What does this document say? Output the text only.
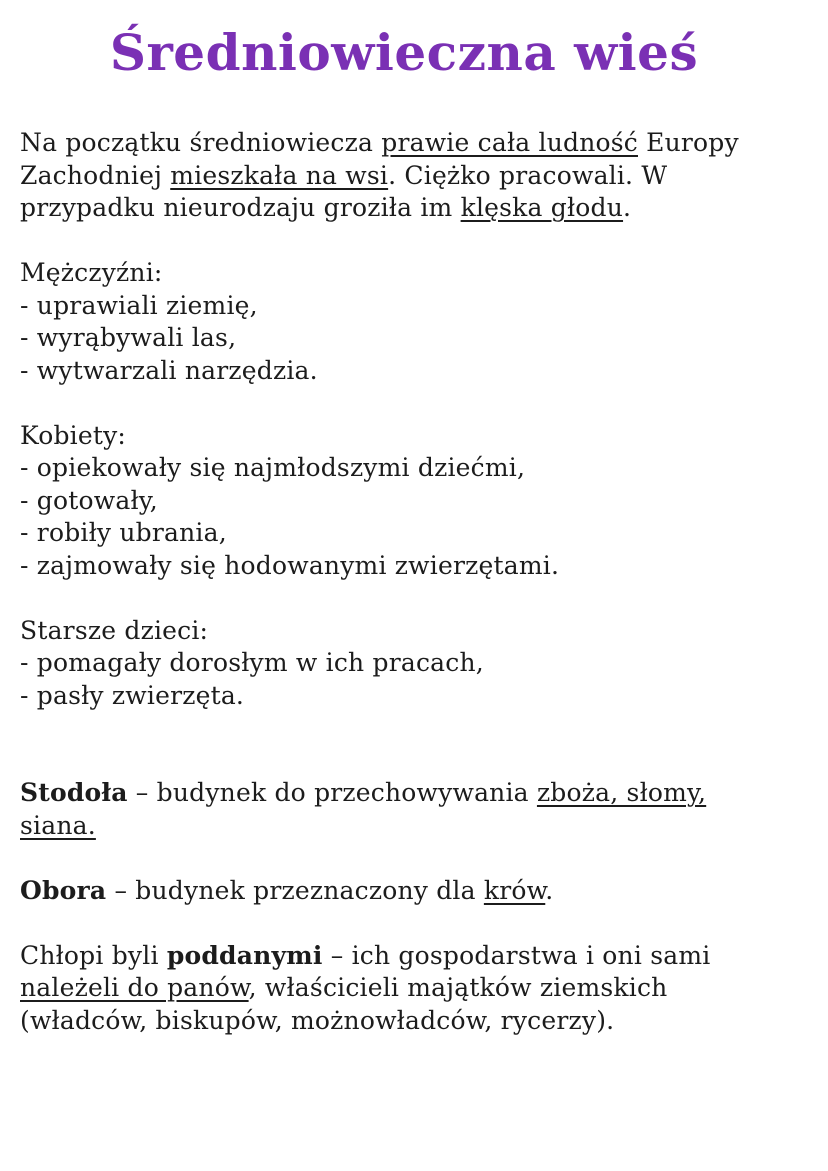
Średniowieczna wieś

Na początku średniowiecza prawie cała ludność Europy Zachodniej mieszkała na wsi. Ciężko pracowali. W przypadku nieurodzaju groziła im klęska głodu.

Mężczyźni:
- uprawiali ziemię,
- wyrąbywali las,
- wytwarzali narzędzia.
Kobiety:
- opiekowały się najmłodszymi dziećmi,
- gotowały,
- robiły ubrania,
- zajmowały się hodowanymi zwierzętami.
Starsze dzieci:
- pomagały dorosłym w ich pracach,
- pasły zwierzęta.

Stodoła – budynek do przechowywania zboża, słomy, siana.

Obora – budynek przeznaczony dla krów.

Chłopi byli poddanymi – ich gospodarstwa i oni sami należeli do panów, właścicieli majątków ziemskich (władców, biskupów, możnowładców, rycerzy).
